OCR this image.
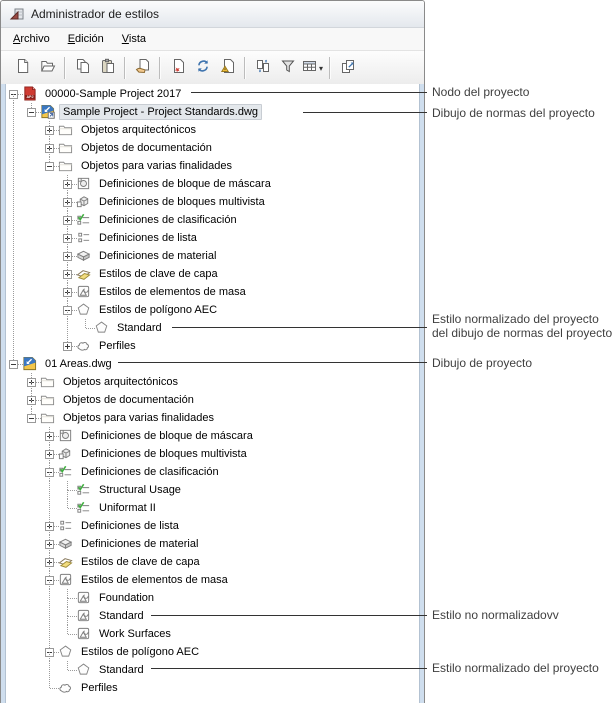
Administrador de estilos
Archivo	Edición	Vista
▾
APJ	00000-Sample Project 2017
Sample Project - Project Standards.dwg
Objetos arquitectónicos
Objetos de documentación
Objetos para varias finalidades
Definiciones de bloque de máscara
Definiciones de bloques multivista
Definiciones de clasificación
Definiciones de lista
Definiciones de material
Estilos de clave de capa
Estilos de elementos de masa
Estilos de polígono AEC
Standard
Perfiles
01 Areas.dwg
Objetos arquitectónicos
Objetos de documentación
Objetos para varias finalidades
Definiciones de bloque de máscara
Definiciones de bloques multivista
Definiciones de clasificación
Structural Usage
Uniformat II
Definiciones de lista
Definiciones de material
Estilos de clave de capa
Estilos de elementos de masa
Foundation
Standard
Work Surfaces
Estilos de polígono AEC
Standard
Perfiles
Nodo del proyecto
Dibujo de normas del proyecto
Estilo normalizado del proyecto
del dibujo de normas del proyecto
Dibujo de proyecto
Estilo no normalizadovv
Estilo normalizado del proyecto
